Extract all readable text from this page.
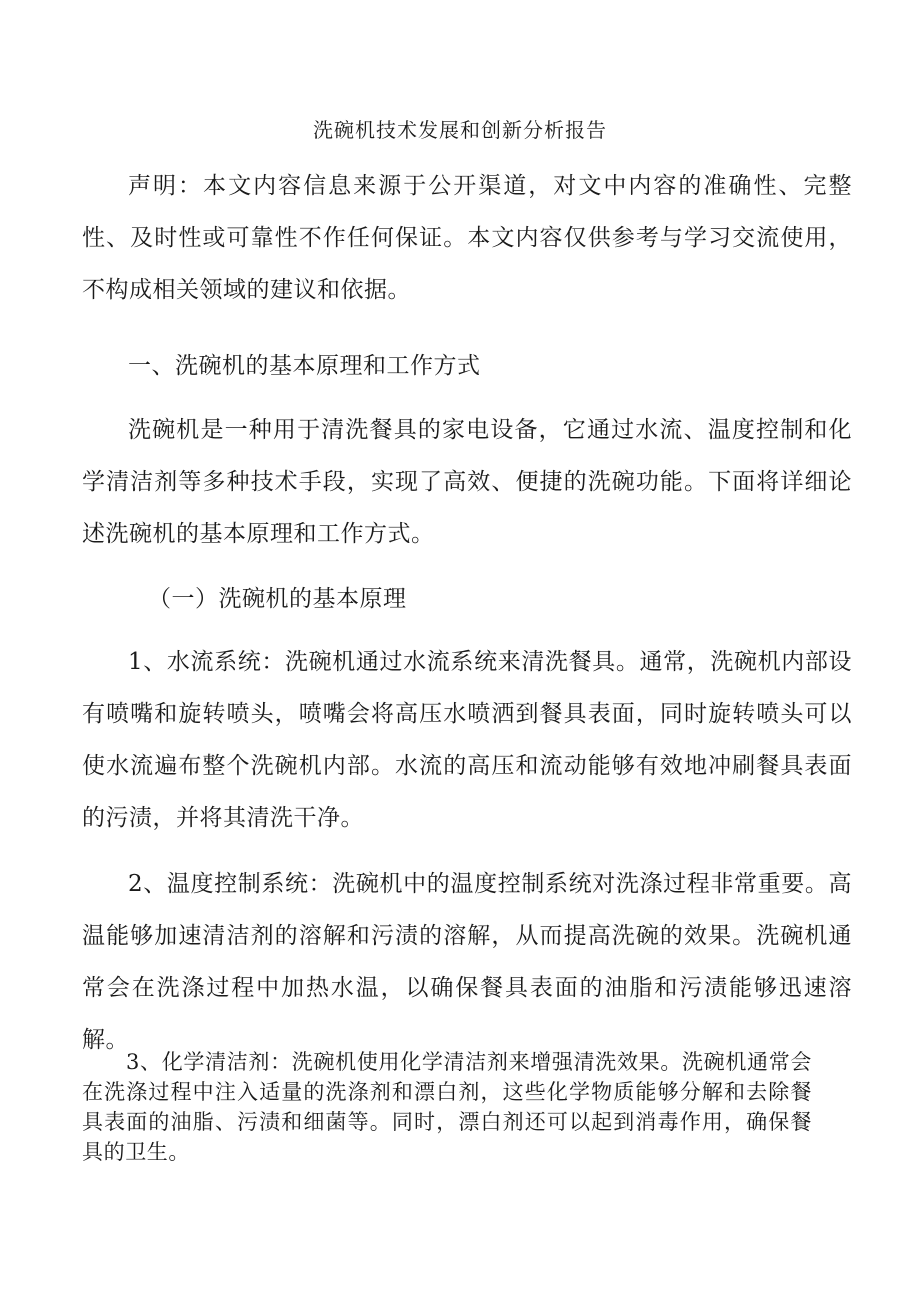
洗碗机技术发展和创新分析报告

声明：本文内容信息来源于公开渠道，对文中内容的准确性、完整性、及时性或可靠性不作任何保证。本文内容仅供参考与学习交流使用，不构成相关领域的建议和依据。

一、洗碗机的基本原理和工作方式

洗碗机是一种用于清洗餐具的家电设备，它通过水流、温度控制和化学清洁剂等多种技术手段，实现了高效、便捷的洗碗功能。下面将详细论述洗碗机的基本原理和工作方式。

（一）洗碗机的基本原理

1、水流系统：洗碗机通过水流系统来清洗餐具。通常，洗碗机内部设有喷嘴和旋转喷头，喷嘴会将高压水喷洒到餐具表面，同时旋转喷头可以使水流遍布整个洗碗机内部。水流的高压和流动能够有效地冲刷餐具表面的污渍，并将其清洗干净。

2、温度控制系统：洗碗机中的温度控制系统对洗涤过程非常重要。高温能够加速清洁剂的溶解和污渍的溶解，从而提高洗碗的效果。洗碗机通常会在洗涤过程中加热水温，以确保餐具表面的油脂和污渍能够迅速溶解。

3、化学清洁剂：洗碗机使用化学清洁剂来增强清洗效果。洗碗机通常会在洗涤过程中注入适量的洗涤剂和漂白剂，这些化学物质能够分解和去除餐具表面的油脂、污渍和细菌等。同时，漂白剂还可以起到消毒作用，确保餐具的卫生。
